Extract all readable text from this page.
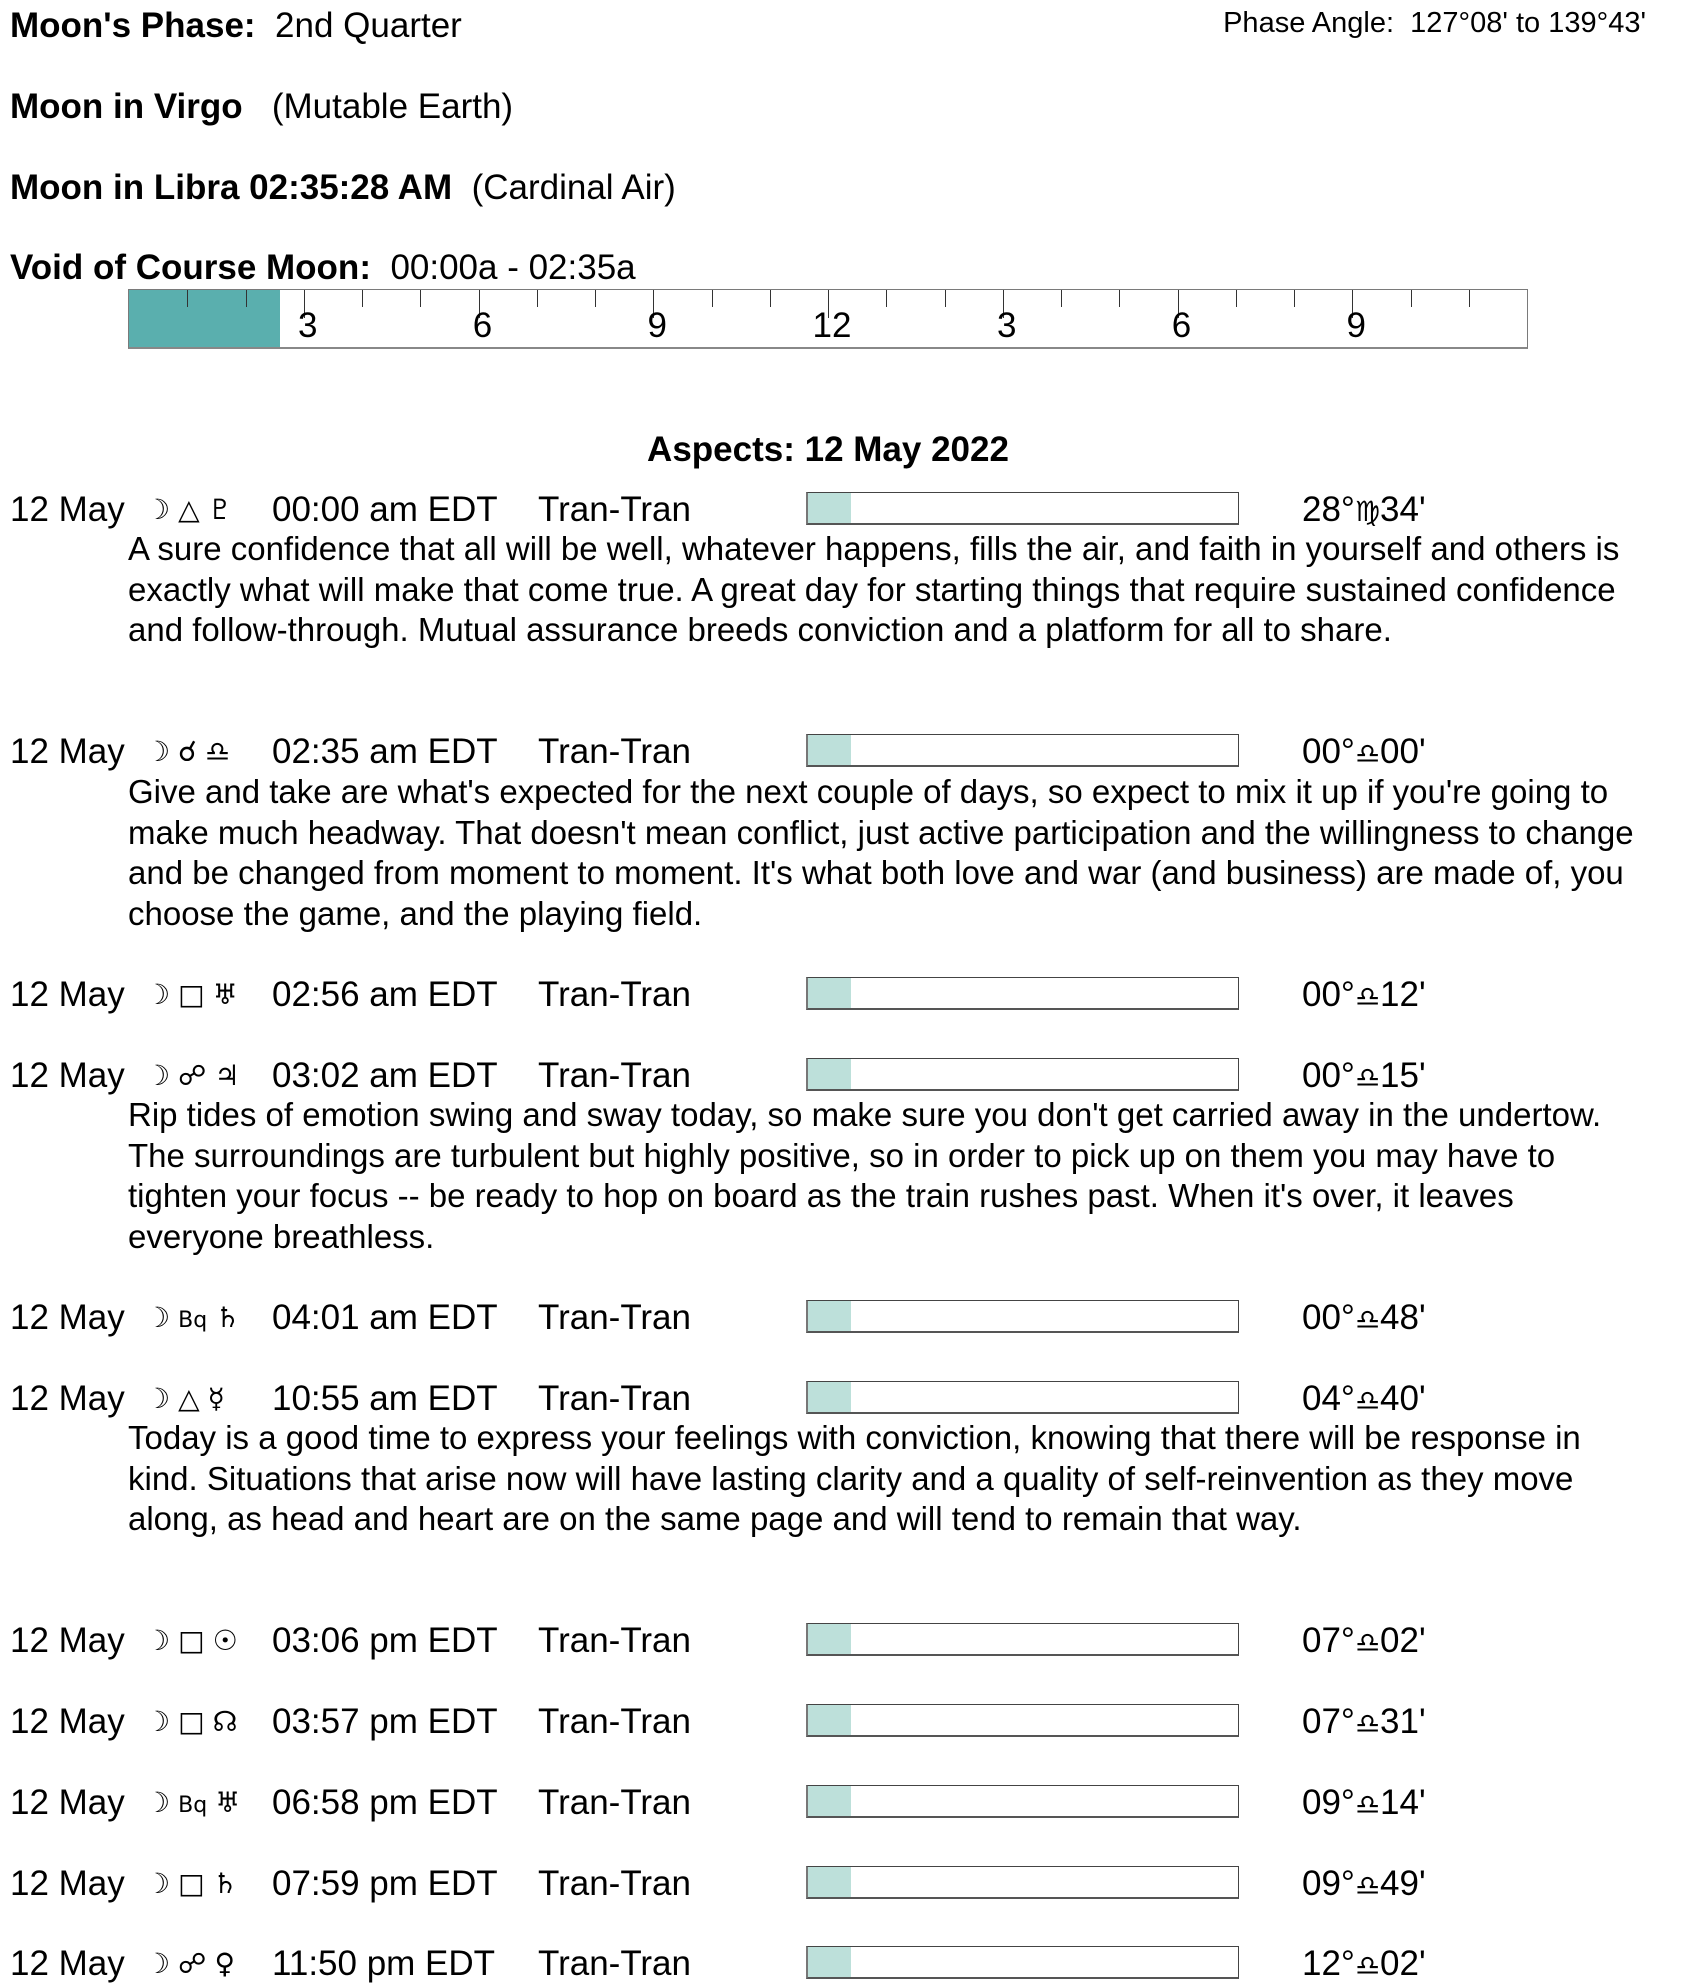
Moon's Phase: 2nd Quarter	Phase Angle: 127°08' to 139°43'
Moon in Virgo (Mutable Earth)
Moon in Libra 02:35:28 AM (Cardinal Air)
Void of Course Moon: 00:00a - 02:35a
3	6	9	12	3	6	9
Aspects: 12 May 2022
12 May ☽ △ ♇ 00:00 am EDT Tran-Tran	28°♍34'
A sure confidence that all will be well, whatever happens, fills the air, and faith in yourself and others is exactly what will make that come true. A great day for starting things that require sustained confidence and follow-through. Mutual assurance breeds conviction and a platform for all to share.
12 May ☽ ☌ ♎ 02:35 am EDT Tran-Tran	00°♎00'
Give and take are what's expected for the next couple of days, so expect to mix it up if you're going to make much headway. That doesn't mean conflict, just active participation and the willingness to change and be changed from moment to moment. It's what both love and war (and business) are made of, you choose the game, and the playing field.
12 May ☽ □ ♅ 02:56 am EDT Tran-Tran	00°♎12'
12 May ☽ ☍ ♃ 03:02 am EDT Tran-Tran	00°♎15'
Rip tides of emotion swing and sway today, so make sure you don't get carried away in the undertow. The surroundings are turbulent but highly positive, so in order to pick up on them you may have to tighten your focus -- be ready to hop on board as the train rushes past. When it's over, it leaves everyone breathless.
12 May ☽ Bq ♄ 04:01 am EDT Tran-Tran	00°♎48'
12 May ☽ △ ☿ 10:55 am EDT Tran-Tran	04°♎40'
Today is a good time to express your feelings with conviction, knowing that there will be response in kind. Situations that arise now will have lasting clarity and a quality of self-reinvention as they move along, as head and heart are on the same page and will tend to remain that way.
12 May ☽ □ ☉ 03:06 pm EDT Tran-Tran	07°♎02'
12 May ☽ □ ☊ 03:57 pm EDT Tran-Tran	07°♎31'
12 May ☽ Bq ♅ 06:58 pm EDT Tran-Tran	09°♎14'
12 May ☽ □ ♄ 07:59 pm EDT Tran-Tran	09°♎49'
12 May ☽ ☍ ♀ 11:50 pm EDT Tran-Tran	12°♎02'
